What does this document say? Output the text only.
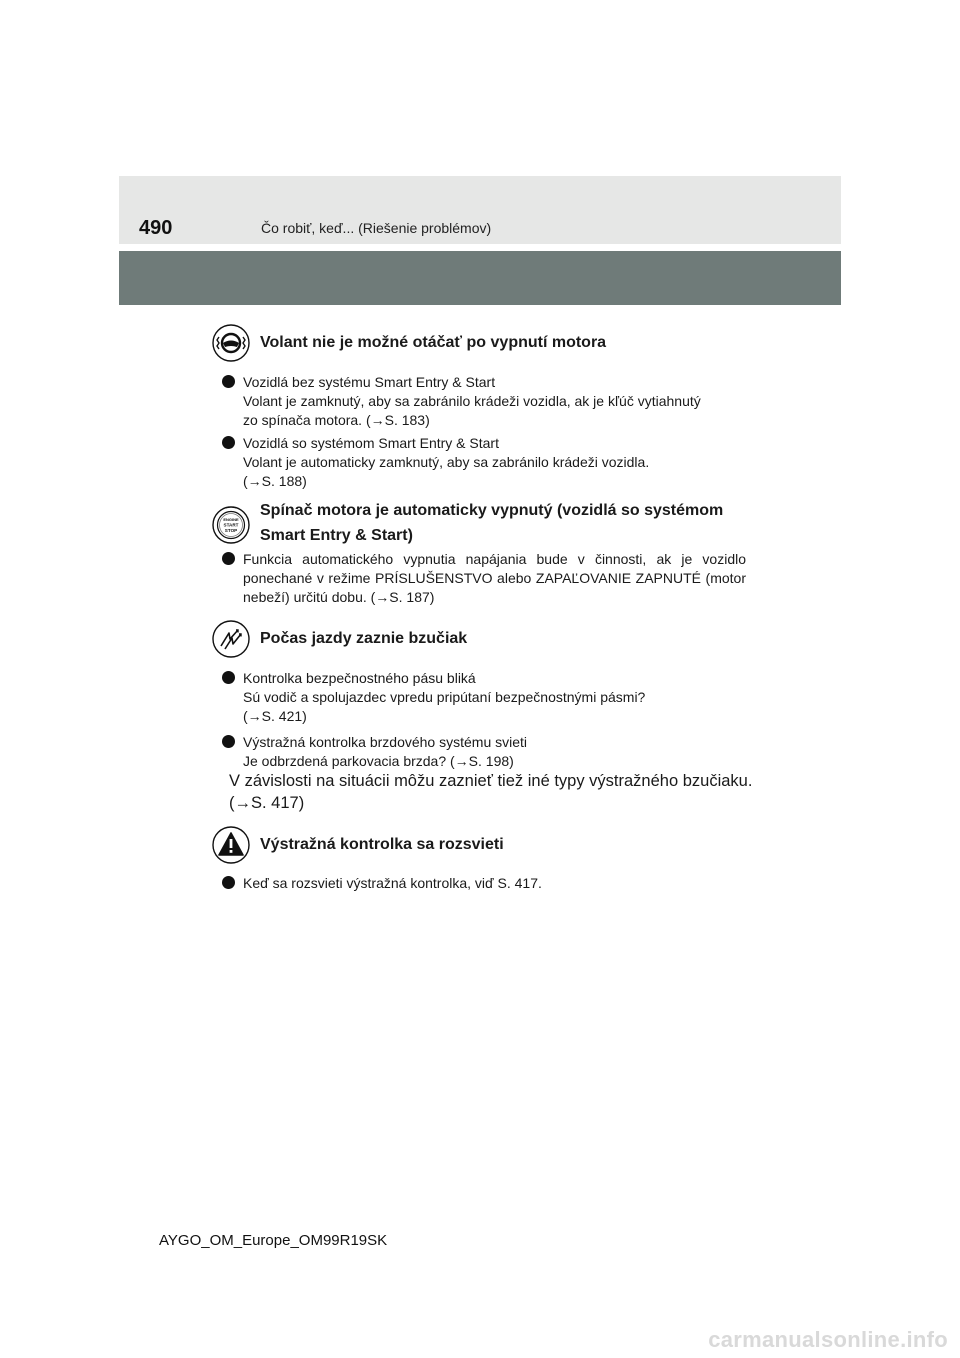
490	Čo robiť, keď... (Riešenie problémov)
Volant nie je možné otáčať po vypnutí motora
Vozidlá bez systému Smart Entry & Start
Volant je zamknutý, aby sa zabránilo krádeži vozidla, ak je kľúč vytiahnutý
zo spínača motora. (→S. 183)
Vozidlá so systémom Smart Entry & Start
Volant je automaticky zamknutý, aby sa zabránilo krádeži vozidla.
(→S. 188)
ENGINE
START
STOP
Spínač motora je automaticky vypnutý (vozidlá so systémom
Smart Entry & Start)
Funkcia automatického vypnutia napájania bude v činnosti, ak je vozidlo ponechané v režime PRÍSLUŠENSTVO alebo ZAPAĽOVANIE ZAPNUTÉ (motor nebeží) určitú dobu. (→S. 187)
Počas jazdy zaznie bzučiak
Kontrolka bezpečnostného pásu bliká
Sú vodič a spolujazdec vpredu pripútaní bezpečnostnými pásmi?
(→S. 421)
Výstražná kontrolka brzdového systému svieti
Je odbrzdená parkovacia brzda? (→S. 198)
V závislosti na situácii môžu zaznieť tiež iné typy výstražného bzučiaku.
(→S. 417)
Výstražná kontrolka sa rozsvieti
Keď sa rozsvieti výstražná kontrolka, viď S. 417.
AYGO_OM_Europe_OM99R19SK
carmanualsonline.info
